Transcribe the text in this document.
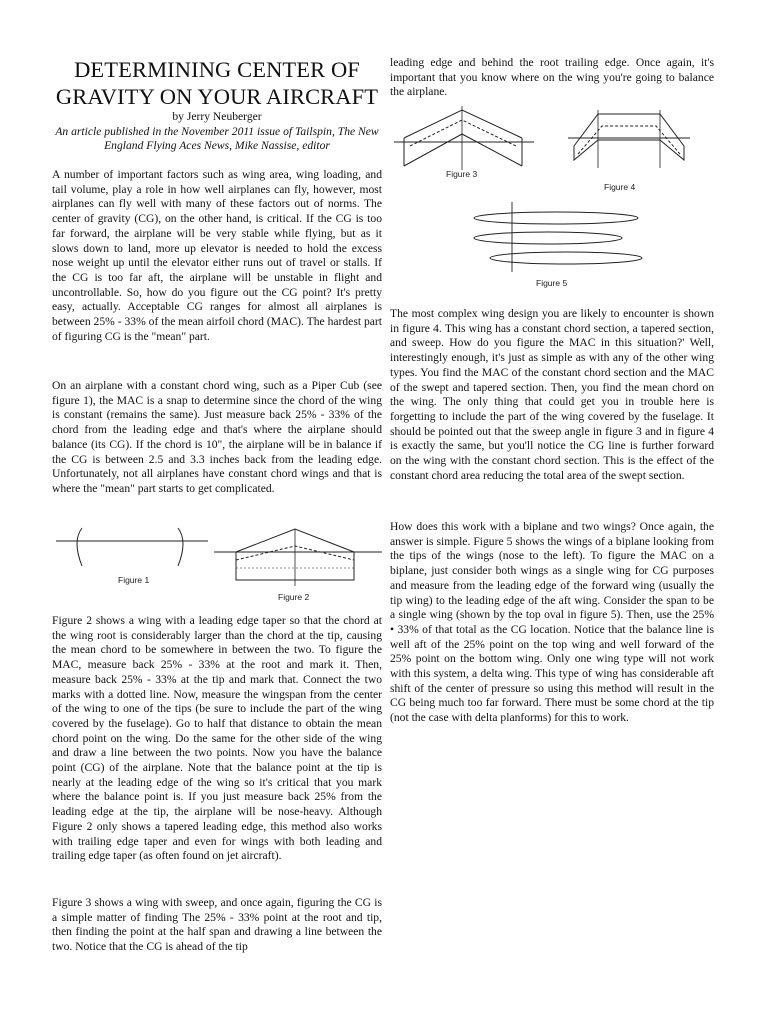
DETERMINING CENTER OF
GRAVITY ON YOUR AIRCRAFT
by Jerry Neuberger
An article published in the November 2011 issue of Tailspin, The New England Flying Aces News, Mike Nassise, editor

A number of important factors such as wing area, wing loading, and tail volume, play a role in how well airplanes can fly, however, most airplanes can fly well with many of these factors out of norms. The center of gravity (CG), on the other hand, is critical. If the CG is too far forward, the airplane will be very stable while flying, but as it slows down to land, more up elevator is needed to hold the excess nose weight up until the elevator either runs out of travel or stalls. If the CG is too far aft, the airplane will be unstable in flight and uncontrollable. So, how do you figure out the CG point? It's pretty easy, actually. Acceptable CG ranges for almost all airplanes is between 25% - 33% of the mean airfoil chord (MAC). The hardest part of figuring CG is the "mean" part.

On an airplane with a constant chord wing, such as a Piper Cub (see figure 1), the MAC is a snap to determine since the chord of the wing is constant (remains the same). Just measure back 25% - 33% of the chord from the leading edge and that's where the airplane should balance (its CG). If the chord is 10", the airplane will be in balance if the CG is between 2.5 and 3.3 inches back from the leading edge. Unfortunately, not all airplanes have constant chord wings and that is where the "mean" part starts to get complicated.

Figure 1
Figure 2

Figure 2 shows a wing with a leading edge taper so that the chord at the wing root is considerably larger than the chord at the tip, causing the mean chord to be somewhere in between the two. To figure the MAC, measure back 25% - 33% at the root and mark it. Then, measure back 25% - 33% at the tip and mark that. Connect the two marks with a dotted line. Now, measure the wingspan from the center of the wing to one of the tips (be sure to include the part of the wing covered by the fuselage). Go to half that distance to obtain the mean chord point on the wing. Do the same for the other side of the wing and draw a line between the two points. Now you have the balance point (CG) of the airplane. Note that the balance point at the tip is nearly at the leading edge of the wing so it's critical that you mark where the balance point is. If you just measure back 25% from the leading edge at the tip, the airplane will be nose-heavy. Although Figure 2 only shows a tapered leading edge, this method also works with trailing edge taper and even for wings with both leading and trailing edge taper (as often found on jet aircraft).

Figure 3 shows a wing with sweep, and once again, figuring the CG is a simple matter of finding The 25% - 33% point at the root and tip, then finding the point at the half span and drawing a line between the two. Notice that the CG is ahead of the tip

leading edge and behind the root trailing edge. Once again, it's important that you know where on the wing you're going to balance the airplane.

Figure 3
Figure 4
Figure 5

The most complex wing design you are likely to encounter is shown in figure 4. This wing has a constant chord section, a tapered section, and sweep. How do you figure the MAC in this situation?' Well, interestingly enough, it's just as simple as with any of the other wing types. You find the MAC of the constant chord section and the MAC of the swept and tapered section. Then, you find the mean chord on the wing. The only thing that could get you in trouble here is forgetting to include the part of the wing covered by the fuselage. It should be pointed out that the sweep angle in figure 3 and in figure 4 is exactly the same, but you'll notice the CG line is further forward on the wing with the constant chord section. This is the effect of the constant chord area reducing the total area of the swept section.

How does this work with a biplane and two wings? Once again, the answer is simple. Figure 5 shows the wings of a biplane looking from the tips of the wings (nose to the left). To figure the MAC on a biplane, just consider both wings as a single wing for CG purposes and measure from the leading edge of the forward wing (usually the tip wing) to the leading edge of the aft wing. Consider the span to be a single wing (shown by the top oval in figure 5). Then, use the 25% • 33% of that total as the CG location. Notice that the balance line is well aft of the 25% point on the top wing and well forward of the 25% point on the bottom wing. Only one wing type will not work with this system, a delta wing. This type of wing has considerable aft shift of the center of pressure so using this method will result in the CG being much too far forward. There must be some chord at the tip (not the case with delta planforms) for this to work.
